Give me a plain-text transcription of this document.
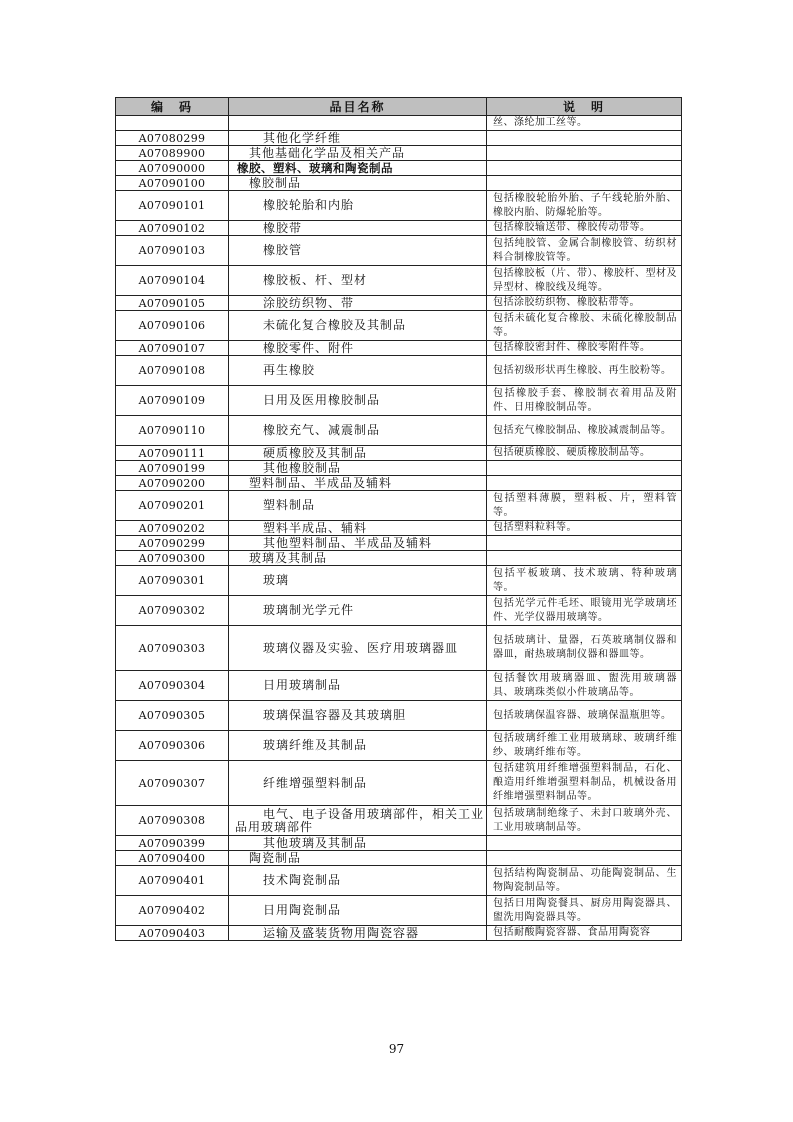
编　码	品目名称	说　明
		丝、涤纶加工丝等。
A07080299	其他化学纤维	
A07089900	其他基础化学品及相关产品	
A07090000	橡胶、塑料、玻璃和陶瓷制品	
A07090100	橡胶制品	
A07090101	橡胶轮胎和内胎	包括橡胶轮胎外胎、子午线轮胎外胎、橡胶内胎、防爆轮胎等。
A07090102	橡胶带	包括橡胶输送带、橡胶传动带等。
A07090103	橡胶管	包括纯胶管、金属合制橡胶管、纺织材料合制橡胶管等。
A07090104	橡胶板、杆、型材	包括橡胶板（片、带）、橡胶杆、型材及异型材、橡胶线及绳等。
A07090105	涂胶纺织物、带	包括涂胶纺织物、橡胶粘带等。
A07090106	未硫化复合橡胶及其制品	包括未硫化复合橡胶、未硫化橡胶制品等。
A07090107	橡胶零件、附件	包括橡胶密封件、橡胶零附件等。
A07090108	再生橡胶	包括初级形状再生橡胶、再生胶粉等。
A07090109	日用及医用橡胶制品	包括橡胶手套、橡胶制衣着用品及附件、日用橡胶制品等。
A07090110	橡胶充气、减震制品	包括充气橡胶制品、橡胶减震制品等。
A07090111	硬质橡胶及其制品	包括硬质橡胶、硬质橡胶制品等。
A07090199	其他橡胶制品	
A07090200	塑料制品、半成品及辅料	
A07090201	塑料制品	包括塑料薄膜，塑料板、片，塑料管等。
A07090202	塑料半成品、辅料	包括塑料粒料等。
A07090299	其他塑料制品、半成品及辅料	
A07090300	玻璃及其制品	
A07090301	玻璃	包括平板玻璃、技术玻璃、特种玻璃等。
A07090302	玻璃制光学元件	包括光学元件毛坯、眼镜用光学玻璃坯件、光学仪器用玻璃等。
A07090303	玻璃仪器及实验、医疗用玻璃器皿	包括玻璃计、量器，石英玻璃制仪器和器皿，耐热玻璃制仪器和器皿等。
A07090304	日用玻璃制品	包括餐饮用玻璃器皿、盥洗用玻璃器具、玻璃珠类似小件玻璃品等。
A07090305	玻璃保温容器及其玻璃胆	包括玻璃保温容器、玻璃保温瓶胆等。
A07090306	玻璃纤维及其制品	包括玻璃纤维工业用玻璃球、玻璃纤维纱、玻璃纤维布等。
A07090307	纤维增强塑料制品	包括建筑用纤维增强塑料制品，石化、酿造用纤维增强塑料制品，机械设备用纤维增强塑料制品等。
A07090308	电气、电子设备用玻璃部件，相关工业品用玻璃部件	包括玻璃制绝缘子、未封口玻璃外壳、工业用玻璃制品等。
A07090399	其他玻璃及其制品	
A07090400	陶瓷制品	
A07090401	技术陶瓷制品	包括结构陶瓷制品、功能陶瓷制品、生物陶瓷制品等。
A07090402	日用陶瓷制品	包括日用陶瓷餐具、厨房用陶瓷器具、盥洗用陶瓷器具等。
A07090403	运输及盛装货物用陶瓷容器	包括耐酸陶瓷容器、食品用陶瓷容
97
